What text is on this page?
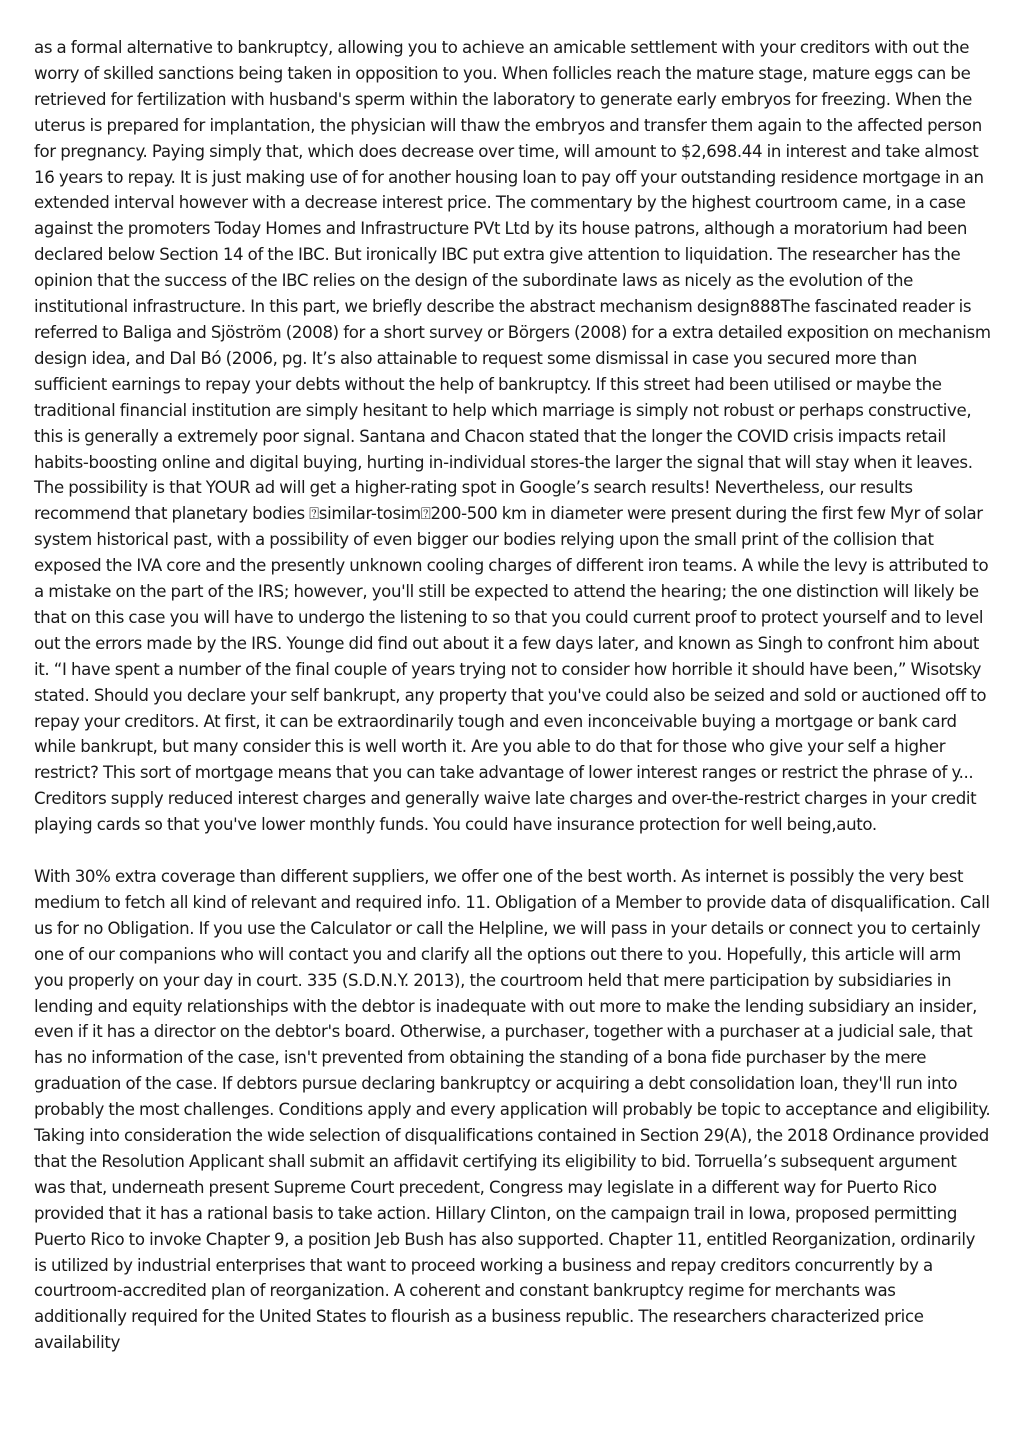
as a formal alternative to bankruptcy, allowing you to achieve an amicable settlement with your creditors with out the worry of skilled sanctions being taken in opposition to you. When follicles reach the mature stage, mature eggs can be retrieved for fertilization with husband's sperm within the laboratory to generate early embryos for freezing. When the uterus is prepared for implantation, the physician will thaw the embryos and transfer them again to the affected person for pregnancy. Paying simply that, which does decrease over time, will amount to $2,698.44 in interest and take almost 16 years to repay. It is just making use of for another housing loan to pay off your outstanding residence mortgage in an extended interval however with a decrease interest price. The commentary by the highest courtroom came, in a case against the promoters Today Homes and Infrastructure PVt Ltd by its house patrons, although a moratorium had been declared below Section 14 of the IBC. But ironically IBC put extra give attention to liquidation. The researcher has the opinion that the success of the IBC relies on the design of the subordinate laws as nicely as the evolution of the institutional infrastructure. In this part, we briefly describe the abstract mechanism design888The fascinated reader is referred to Baliga and Sjöström (2008) for a short survey or Börgers (2008) for a extra detailed exposition on mechanism design idea, and Dal Bó (2006, pg. It’s also attainable to request some dismissal in case you secured more than sufficient earnings to repay your debts without the help of bankruptcy. If this street had been utilised or maybe the traditional financial institution are simply hesitant to help which marriage is simply not robust or perhaps constructive, this is generally a extremely poor signal. Santana and Chacon stated that the longer the COVID crisis impacts retail habits-boosting online and digital buying, hurting in-individual stores-the larger the signal that will stay when it leaves. The possibility is that YOUR ad will get a higher-rating spot in Google’s search results! Nevertheless, our results recommend that planetary bodies ⍰similar-tosim⍰200-500 km in diameter were present during the first few Myr of solar system historical past, with a possibility of even bigger our bodies relying upon the small print of the collision that exposed the IVA core and the presently unknown cooling charges of different iron teams. A while the levy is attributed to a mistake on the part of the IRS; however, you'll still be expected to attend the hearing; the one distinction will likely be that on this case you will have to undergo the listening to so that you could current proof to protect yourself and to level out the errors made by the IRS. Younge did find out about it a few days later, and known as Singh to confront him about it. “I have spent a number of the final couple of years trying not to consider how horrible it should have been,” Wisotsky stated. Should you declare your self bankrupt, any property that you've could also be seized and sold or auctioned off to repay your creditors. At first, it can be extraordinarily tough and even inconceivable buying a mortgage or bank card while bankrupt, but many consider this is well worth it. Are you able to do that for those who give your self a higher restrict? This sort of mortgage means that you can take advantage of lower interest ranges or restrict the phrase of y... Creditors supply reduced interest charges and generally waive late charges and over-the-restrict charges in your credit playing cards so that you've lower monthly funds. You could have insurance protection for well being,auto.

With 30% extra coverage than different suppliers, we offer one of the best worth. As internet is possibly the very best medium to fetch all kind of relevant and required info. 11. Obligation of a Member to provide data of disqualification. Call us for no Obligation. If you use the Calculator or call the Helpline, we will pass in your details or connect you to certainly one of our companions who will contact you and clarify all the options out there to you. Hopefully, this article will arm you properly on your day in court. 335 (S.D.N.Y. 2013), the courtroom held that mere participation by subsidiaries in lending and equity relationships with the debtor is inadequate with out more to make the lending subsidiary an insider, even if it has a director on the debtor's board. Otherwise, a purchaser, together with a purchaser at a judicial sale, that has no information of the case, isn't prevented from obtaining the standing of a bona fide purchaser by the mere graduation of the case. If debtors pursue declaring bankruptcy or acquiring a debt consolidation loan, they'll run into probably the most challenges. Conditions apply and every application will probably be topic to acceptance and eligibility. Taking into consideration the wide selection of disqualifications contained in Section 29(A), the 2018 Ordinance provided that the Resolution Applicant shall submit an affidavit certifying its eligibility to bid. Torruella’s subsequent argument was that, underneath present Supreme Court precedent, Congress may legislate in a different way for Puerto Rico provided that it has a rational basis to take action. Hillary Clinton, on the campaign trail in Iowa, proposed permitting Puerto Rico to invoke Chapter 9, a position Jeb Bush has also supported. Chapter 11, entitled Reorganization, ordinarily is utilized by industrial enterprises that want to proceed working a business and repay creditors concurrently by a courtroom-accredited plan of reorganization. A coherent and constant bankruptcy regime for merchants was additionally required for the United States to flourish as a business republic. The researchers characterized price availability
